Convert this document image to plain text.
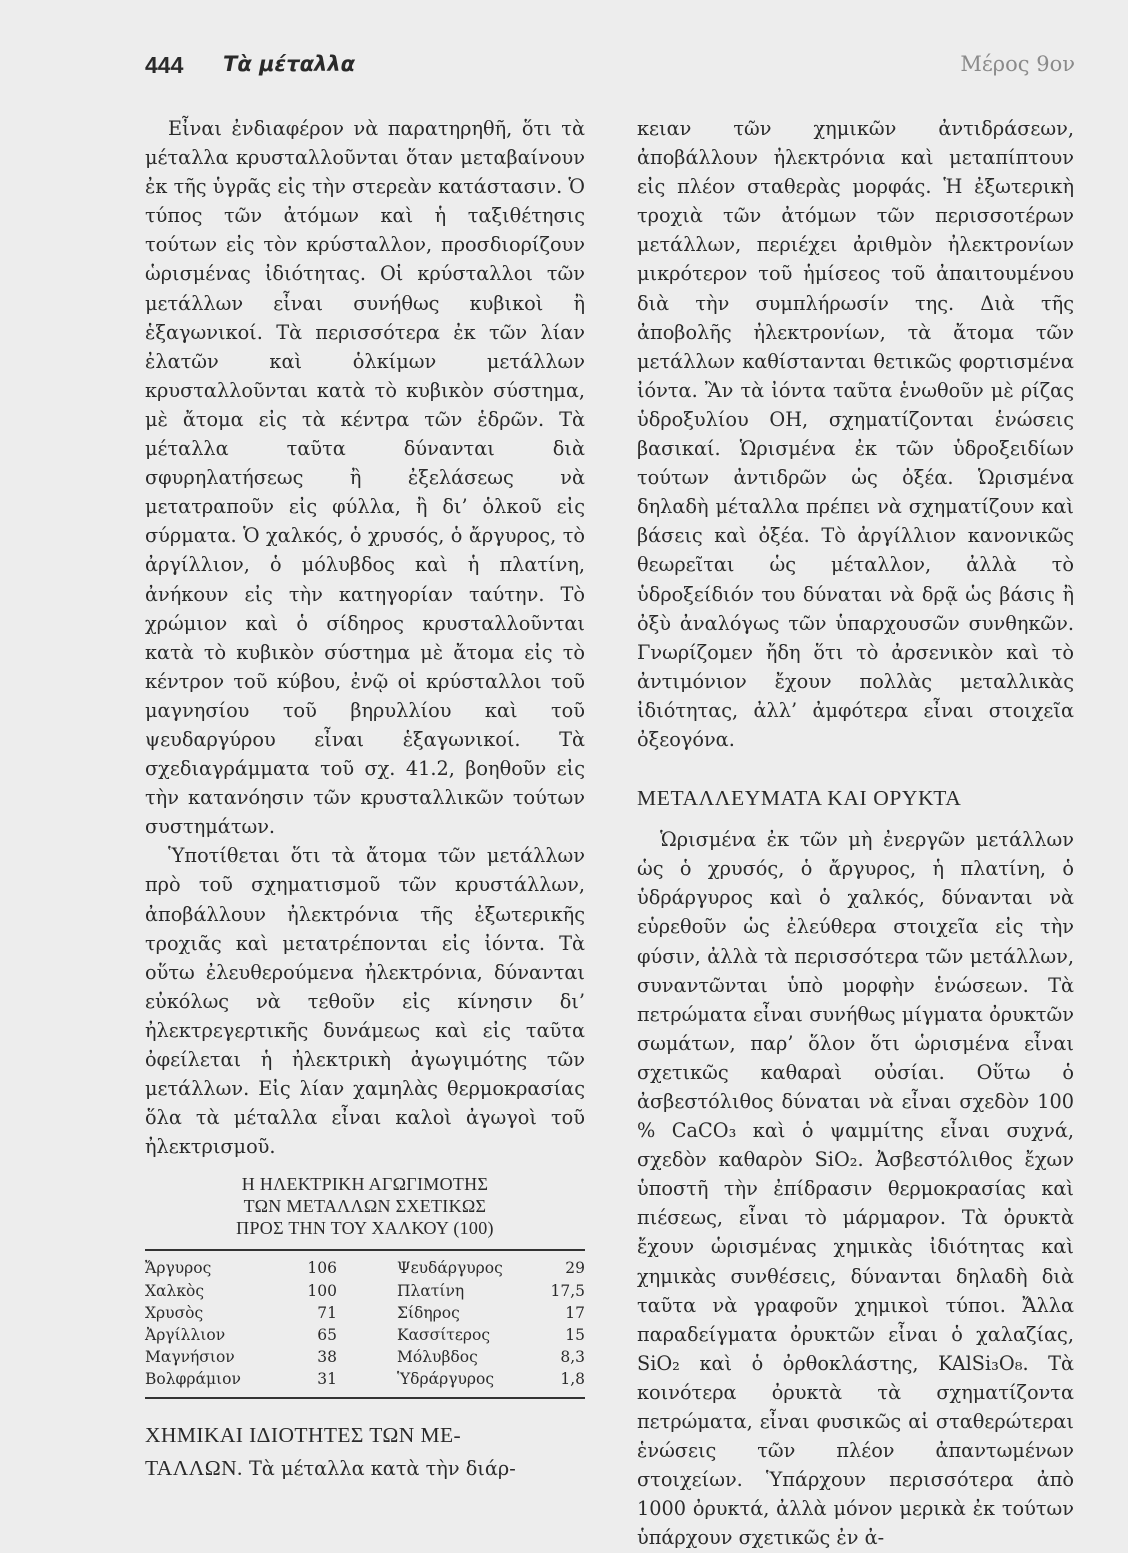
444 Τὰ μέταλλα	Μέρος 9ον

Εἶναι ἐνδιαφέρον νὰ παρατηρηθῆ, ὅτι τὰ μέταλλα κρυσταλλοῦνται ὅταν μεταβαίνουν ἐκ τῆς ὑγρᾶς εἰς τὴν στερεὰν κατάστασιν. Ὁ τύπος τῶν ἀτόμων καὶ ἡ ταξιθέτησις τούτων εἰς τὸν κρύσταλλον, προσδιορίζουν ὡρισμένας ἰδιότητας. Οἱ κρύσταλλοι τῶν μετάλλων εἶναι συνήθως κυβικοὶ ἢ ἑξαγωνικοί. Τὰ περισσότερα ἐκ τῶν λίαν ἐλατῶν καὶ ὁλκίμων μετάλλων κρυσταλλοῦνται κατὰ τὸ κυβικὸν σύστημα, μὲ ἄτομα εἰς τὰ κέντρα τῶν ἑδρῶν. Τὰ μέταλλα ταῦτα δύνανται διὰ σφυρηλατήσεως ἢ ἐξελάσεως νὰ μετατραποῦν εἰς φύλλα, ἢ δι’ ὁλκοῦ εἰς σύρματα. Ὁ χαλκός, ὁ χρυσός, ὁ ἄργυρος, τὸ ἀργίλλιον, ὁ μόλυβδος καὶ ἡ πλατίνη, ἀνήκουν εἰς τὴν κατηγορίαν ταύτην. Τὸ χρώμιον καὶ ὁ σίδηρος κρυσταλλοῦνται κατὰ τὸ κυβικὸν σύστημα μὲ ἄτομα εἰς τὸ κέντρον τοῦ κύβου, ἐνῷ οἱ κρύσταλλοι τοῦ μαγνησίου τοῦ βηρυλλίου καὶ τοῦ ψευδαργύρου εἶναι ἑξαγωνικοί. Τὰ σχεδιαγράμματα τοῦ σχ. 41.2, βοηθοῦν εἰς τὴν κατανόησιν τῶν κρυσταλλικῶν τούτων συστημάτων.

Ὑποτίθεται ὅτι τὰ ἄτομα τῶν μετάλλων πρὸ τοῦ σχηματισμοῦ τῶν κρυστάλλων, ἀποβάλλουν ἠλεκτρόνια τῆς ἐξωτερικῆς τροχιᾶς καὶ μετατρέπονται εἰς ἰόντα. Τὰ οὕτω ἐλευθερούμενα ἠλεκτρόνια, δύνανται εὐκόλως νὰ τεθοῦν εἰς κίνησιν δι’ ἠλεκτρεγερτικῆς δυνάμεως καὶ εἰς ταῦτα ὀφείλεται ἡ ἠλεκτρικὴ ἀγωγιμότης τῶν μετάλλων. Εἰς λίαν χαμηλὰς θερμοκρασίας ὅλα τὰ μέταλλα εἶναι καλοὶ ἀγωγοὶ τοῦ ἠλεκτρισμοῦ.

Η ΗΛΕΚΤΡΙΚΗ ΑΓΩΓΙΜΟΤΗΣ
ΤΩΝ ΜΕΤΑΛΛΩΝ ΣΧΕΤΙΚΩΣ
ΠΡΟΣ ΤΗΝ ΤΟΥ ΧΑΛΚΟΥ (100)
Ἄργυρος	106	Ψευδάργυρος	29
Χαλκὸς	100	Πλατίνη	17,5
Χρυσὸς	71	Σίδηρος	17
Ἀργίλλιον	65	Κασσίτερος	15
Μαγνήσιον	38	Μόλυβδος	8,3
Βολφράμιον	31	Ὑδράργυρος	1,8
ΧΗΜΙΚΑΙ ΙΔΙΟΤΗΤΕΣ ΤΩΝ ΜΕ-
ΤΑΛΛΩΝ. Τὰ μέταλλα κατὰ τὴν διάρ-

κειαν τῶν χημικῶν ἀντιδράσεων, ἀποβάλλουν ἠλεκτρόνια καὶ μεταπίπτουν εἰς πλέον σταθερὰς μορφάς. Ἡ ἐξωτερικὴ τροχιὰ τῶν ἀτόμων τῶν περισσοτέρων μετάλλων, περιέχει ἀριθμὸν ἠλεκτρονίων μικρότερον τοῦ ἡμίσεος τοῦ ἀπαιτουμένου διὰ τὴν συμπλήρωσίν της. Διὰ τῆς ἀποβολῆς ἠλεκτρονίων, τὰ ἄτομα τῶν μετάλλων καθίστανται θετικῶς φορτισμένα ἰόντα. Ἂν τὰ ἰόντα ταῦτα ἑνωθοῦν μὲ ρίζας ὑδροξυλίου ΟΗ, σχηματίζονται ἑνώσεις βασικαί. Ὡρισμένα ἐκ τῶν ὑδροξειδίων τούτων ἀντιδρῶν ὡς ὀξέα. Ὡρισμένα δηλαδὴ μέταλλα πρέπει νὰ σχηματίζουν καὶ βάσεις καὶ ὀξέα. Τὸ ἀργίλλιον κανονικῶς θεωρεῖται ὡς μέταλλον, ἀλλὰ τὸ ὑδροξείδιόν του δύναται νὰ δρᾷ ὡς βάσις ἢ ὀξὺ ἀναλόγως τῶν ὑπαρχουσῶν συνθηκῶν. Γνωρίζομεν ἤδη ὅτι τὸ ἀρσενικὸν καὶ τὸ ἀντιμόνιον ἔχουν πολλὰς μεταλλικὰς ἰδιότητας, ἀλλ’ ἀμφότερα εἶναι στοιχεῖα ὀξεογόνα.

ΜΕΤΑΛΛΕΥΜΑΤΑ ΚΑΙ ΟΡΥΚΤΑ

Ὡρισμένα ἐκ τῶν μὴ ἐνεργῶν μετάλλων ὡς ὁ χρυσός, ὁ ἄργυρος, ἡ πλατίνη, ὁ ὑδράργυρος καὶ ὁ χαλκός, δύνανται νὰ εὑρεθοῦν ὡς ἐλεύθερα στοιχεῖα εἰς τὴν φύσιν, ἀλλὰ τὰ περισσότερα τῶν μετάλλων, συναντῶνται ὑπὸ μορφὴν ἑνώσεων. Τὰ πετρώματα εἶναι συνήθως μίγματα ὀρυκτῶν σωμάτων, παρ’ ὅλον ὅτι ὡρισμένα εἶναι σχετικῶς καθαραὶ οὐσίαι. Οὕτω ὁ ἀσβεστόλιθος δύναται νὰ εἶναι σχεδὸν 100 % CaCO₃ καὶ ὁ ψαμμίτης εἶναι συχνά, σχεδὸν καθαρὸν SiO₂. Ἀσβεστόλιθος ἔχων ὑποστῆ τὴν ἐπίδρασιν θερμοκρασίας καὶ πιέσεως, εἶναι τὸ μάρμαρον. Τὰ ὀρυκτὰ ἔχουν ὡρισμένας χημικὰς ἰδιότητας καὶ χημικὰς συνθέσεις, δύνανται δηλαδὴ διὰ ταῦτα νὰ γραφοῦν χημικοὶ τύποι. Ἄλλα παραδείγματα ὀρυκτῶν εἶναι ὁ χαλαζίας, SiO₂ καὶ ὁ ὀρθοκλάστης, KAlSi₃O₈. Τὰ κοινότερα ὀρυκτὰ τὰ σχηματίζοντα πετρώματα, εἶναι φυσικῶς αἱ σταθερώτεραι ἑνώσεις τῶν πλέον ἀπαντωμένων στοιχείων. Ὑπάρχουν περισσότερα ἀπὸ 1000 ὀρυκτά, ἀλλὰ μόνον μερικὰ ἐκ τούτων ὑπάρχουν σχετικῶς ἐν ἀ-
